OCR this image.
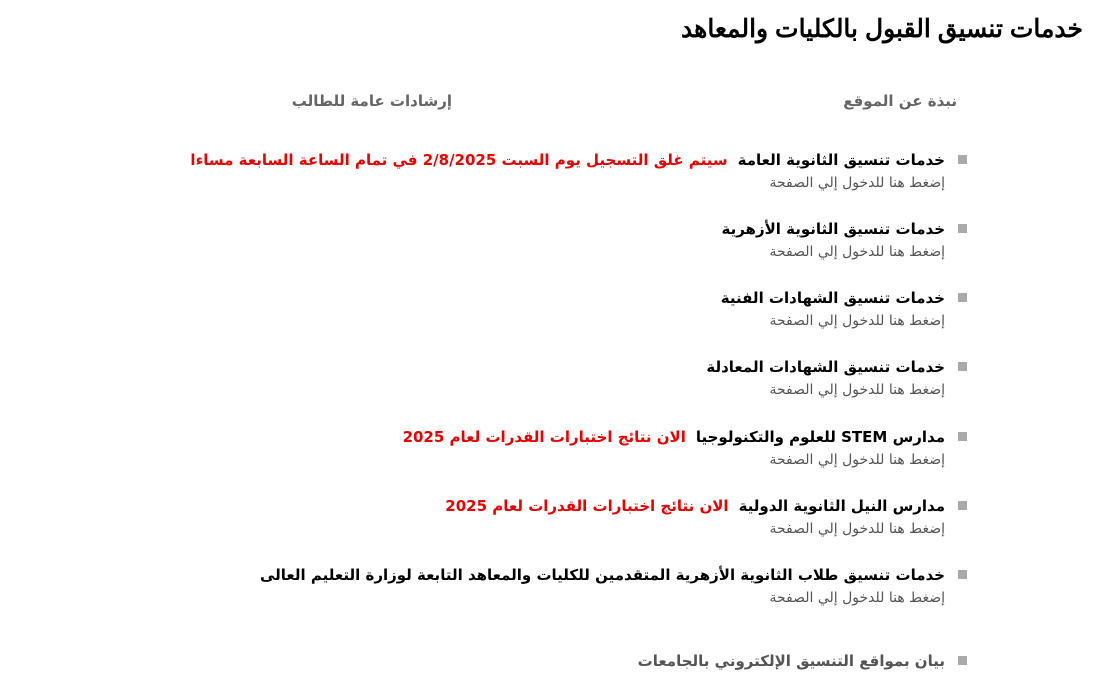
خدمات تنسيق القبول بالكليات والمعاهد
نبذة عن الموقع
إرشادات عامة للطالب
خدمات تنسيق الثانوية العامةسيتم غلق التسجيل يوم السبت 2/8/2025 في تمام الساعة السابعة مساءا
إضغط هنا للدخول إلي الصفحة
خدمات تنسيق الثانوية الأزهرية
إضغط هنا للدخول إلي الصفحة
خدمات تنسيق الشهادات الفنية
إضغط هنا للدخول إلي الصفحة
خدمات تنسيق الشهادات المعادلة
إضغط هنا للدخول إلي الصفحة
مدارس STEM للعلوم والتكنولوجياالان نتائج اختبارات القدرات لعام 2025
إضغط هنا للدخول إلي الصفحة
مدارس النيل الثانوية الدوليةالان نتائج اختبارات القدرات لعام 2025
إضغط هنا للدخول إلي الصفحة
خدمات تنسيق طلاب الثانوية الأزهرية المتقدمين للكليات والمعاهد التابعة لوزارة التعليم العالى
إضغط هنا للدخول إلي الصفحة
بيان بمواقع التنسيق الإلكتروني بالجامعات
